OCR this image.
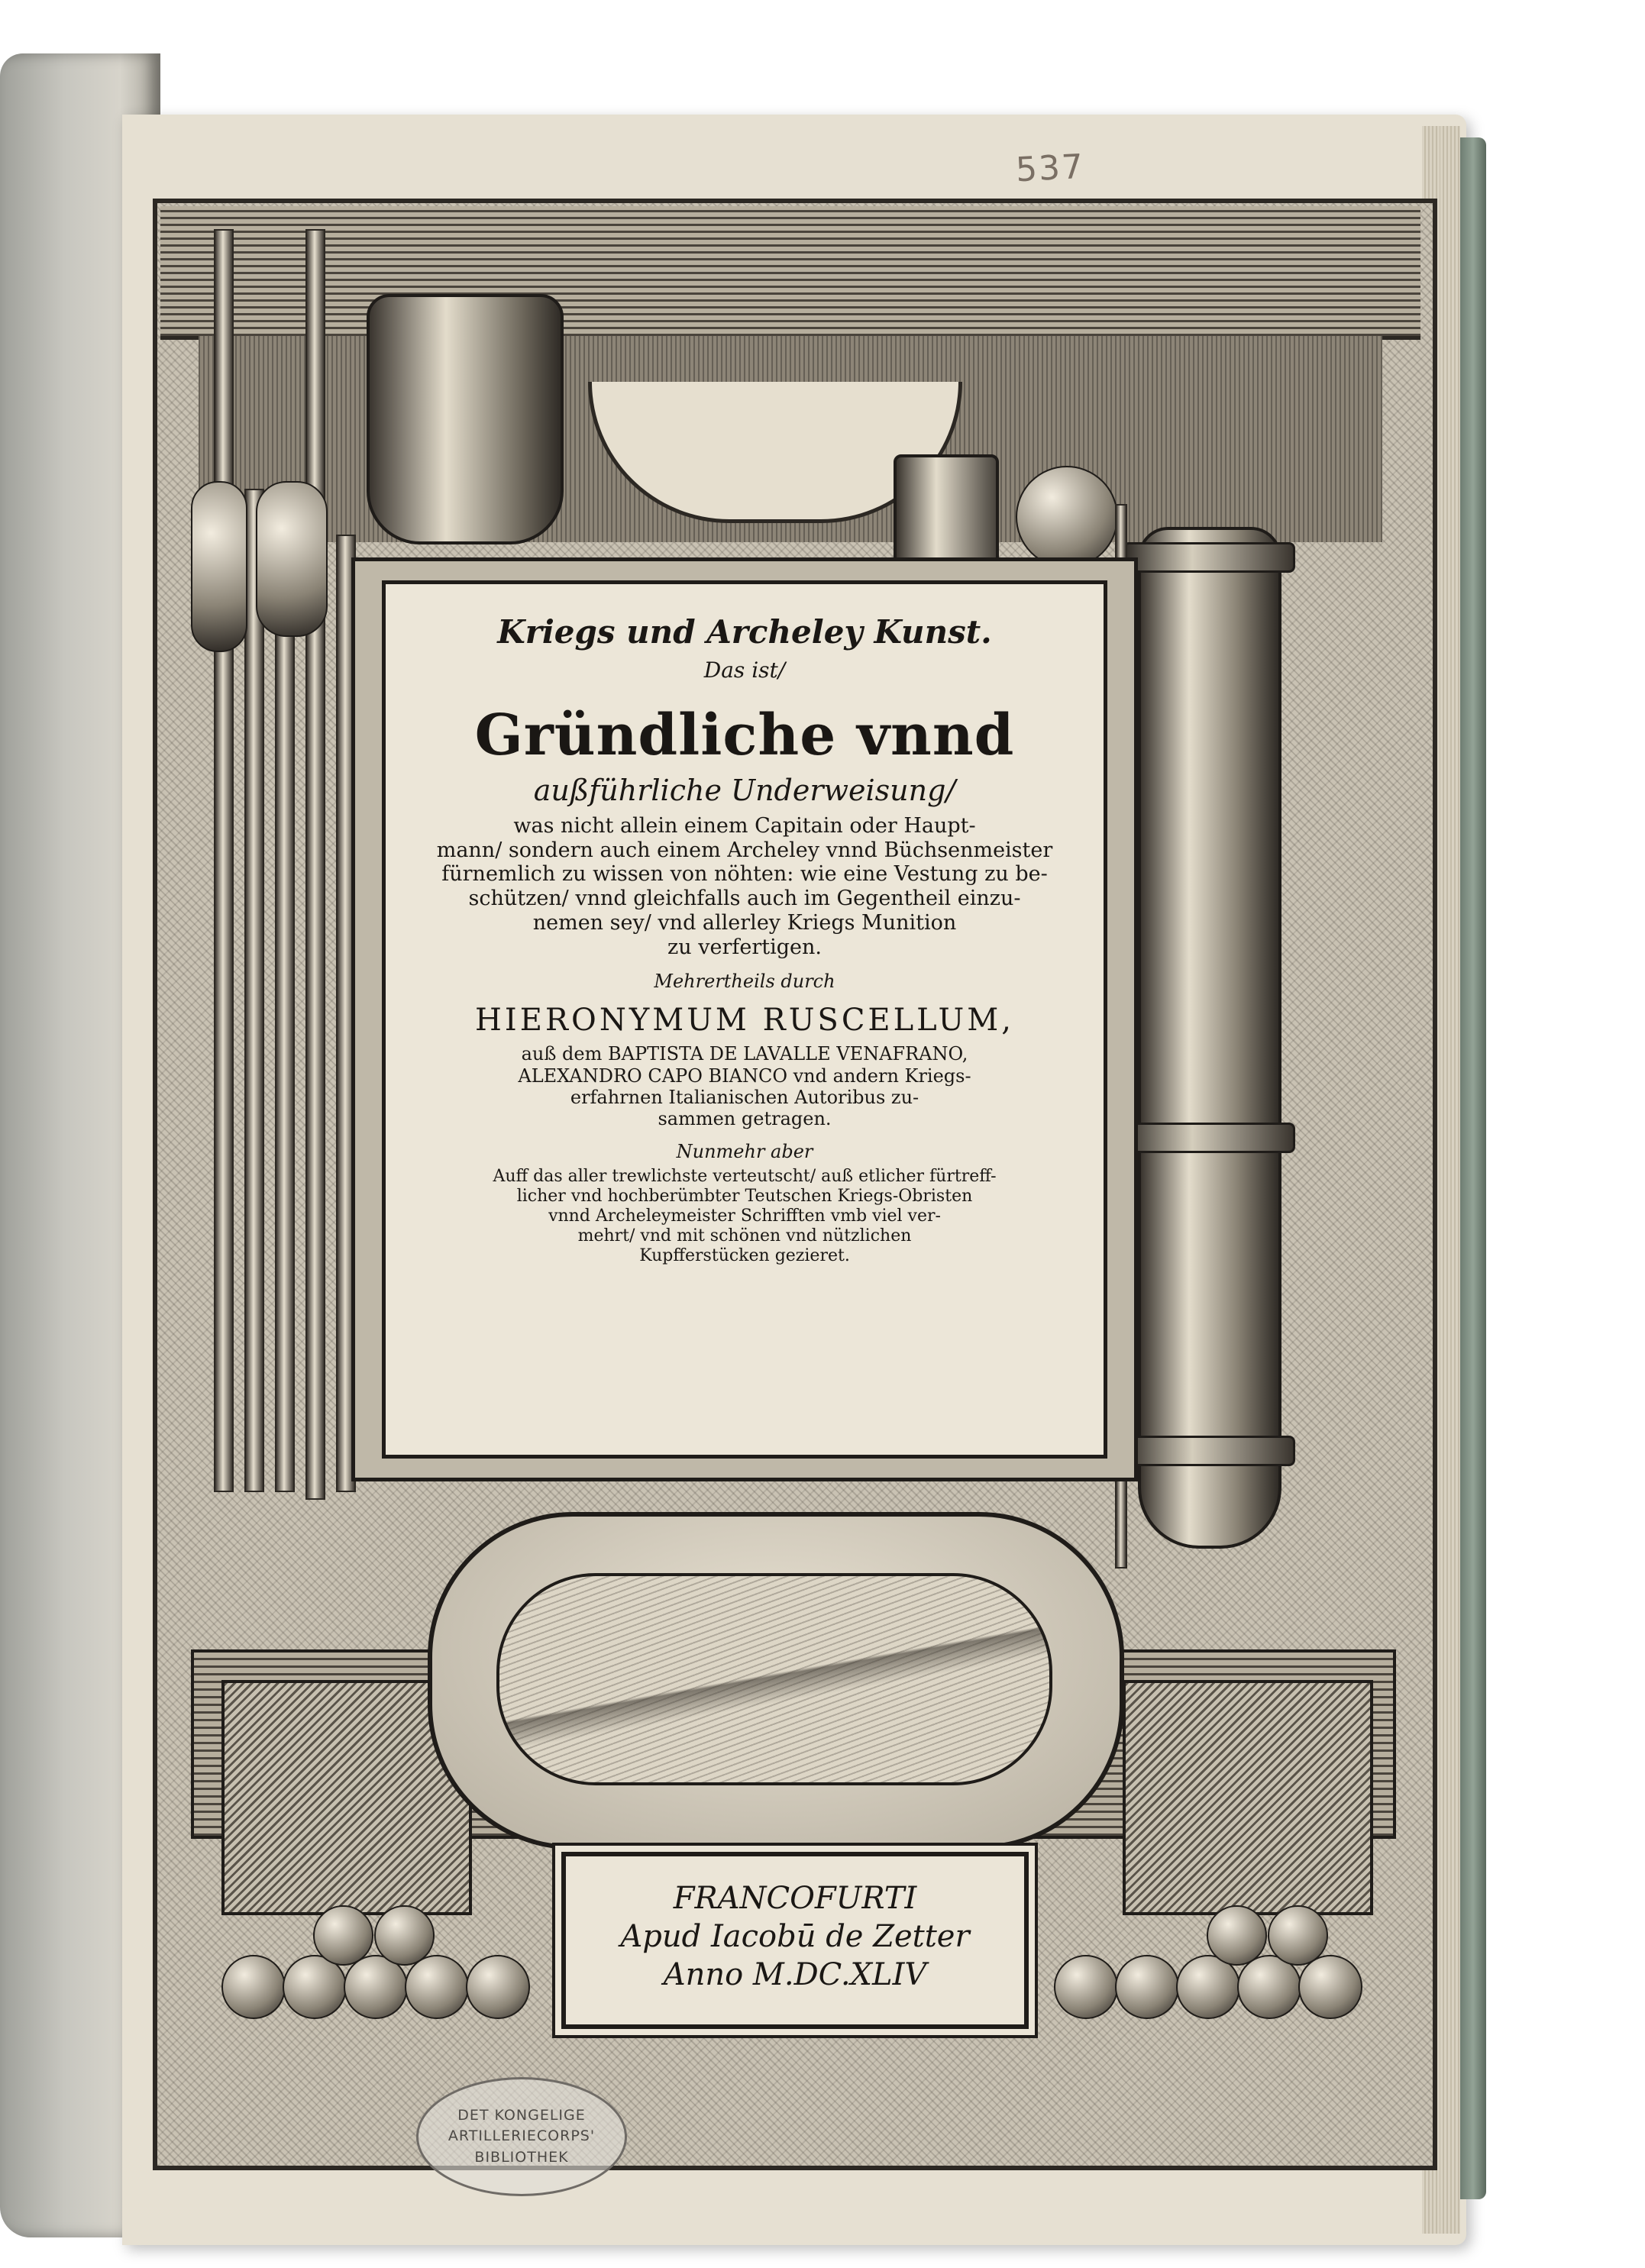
537
Kriegs und Archeley Kunst.
Das ist/
Gründliche vnnd
außführliche Underweisung/
was nicht allein einem Capitain oder Haupt-
mann/ sondern auch einem Archeley vnnd Büchsenmeister
fürnemlich zu wissen von nöhten: wie eine Vestung zu be-
schützen/ vnnd gleichfalls auch im Gegentheil einzu-
nemen sey/ vnd allerley Kriegs Munition
zu verfertigen.
Mehrertheils durch
HIERONYMUM RUSCELLUM,
auß dem BAPTISTA DE LAVALLE VENAFRANO,
ALEXANDRO CAPO BIANCO vnd andern Kriegs-
erfahrnen Italianischen Autoribus zu-
sammen getragen.
Nunmehr aber
Auff das aller trewlichste verteutscht/ auß etlicher fürtreff-
licher vnd hochberümbter Teutschen Kriegs-Obristen
vnnd Archeleymeister Schrifften vmb viel ver-
mehrt/ vnd mit schönen vnd nützlichen
Kupfferstücken gezieret.
FRANCOFURTI
Apud Iacobū de Zetter
Anno M.DC.XLIV
DET KONGELIGE
ARTILLERIECORPS'
BIBLIOTHEK
